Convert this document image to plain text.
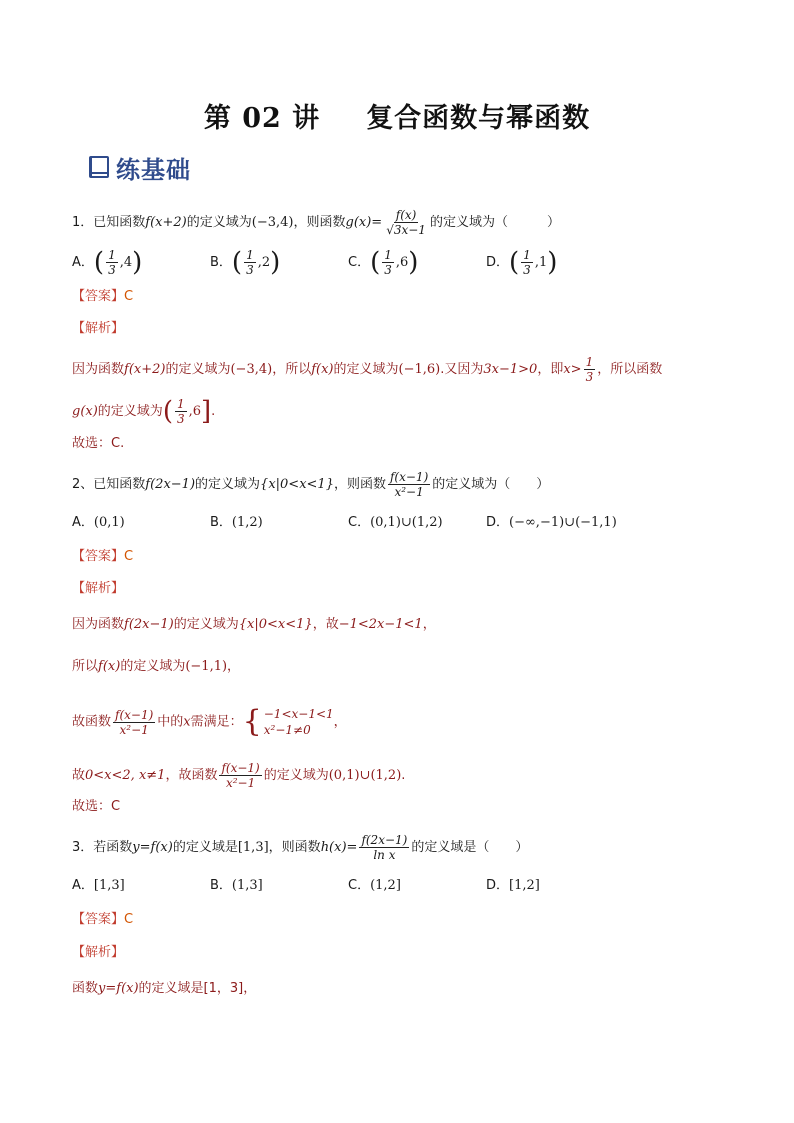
第 02 讲 复合函数与幂函数
练基础
1．已知函数f(x+2)的定义域为(−3,4)，则函数$g(x)= \frac{f(x)}{√3x-1}$ 的定义域为（　　　）
A．( $\frac{1}{3} ,4$)	B．( $\frac{1}{3} ,2$)	C．( $\frac{1}{3} ,6$)	D．( $\frac{1}{3} ,1$)
【答案】C
【解析】
因为函数f(x+2)的定义域为(−3,4)，所以f(x)的定义域为(−1,6).又因为3x−1>0，即$x> \frac{1}{3}$ ，所以函数
g(x)的定义域为( $\frac{1}{3} ,6$].
故选：C.
2、已知函数f(2x−1)的定义域为{x|0<x<1}，则函数 $\frac{f(x-1)}{\text{x²−1}}$ 的定义域为（　　）
A．(0,1)	B．(1,2)	C．(0,1)∪(1,2)	D．(−∞,−1)∪(−1,1)
【答案】C
【解析】
因为函数f(2x−1)的定义域为{x|0<x<1}，故−1<2x−1<1，
所以f(x)的定义域为(−1,1)，
故函数 $\frac{f(x-1)}{\text{x²−1}}$ 中的x需满足： { −1<x−1<1
x²−1≠0
，
故0<x<2, x≠1，故函数 $\frac{f(x-1)}{\text{x²−1}}$ 的定义域为(0,1)∪(1,2).
故选：C
3．若函数y=f(x)的定义域是[1,3]，则函数$h(x)= \frac{f(2x-1)}{\text{ln x}}$ 的定义域是（　　）
A．[1,3]	B．(1,3]	C．(1,2]	D．[1,2]
【答案】C
【解析】
函数y=f(x)的定义域是[1，3]，
